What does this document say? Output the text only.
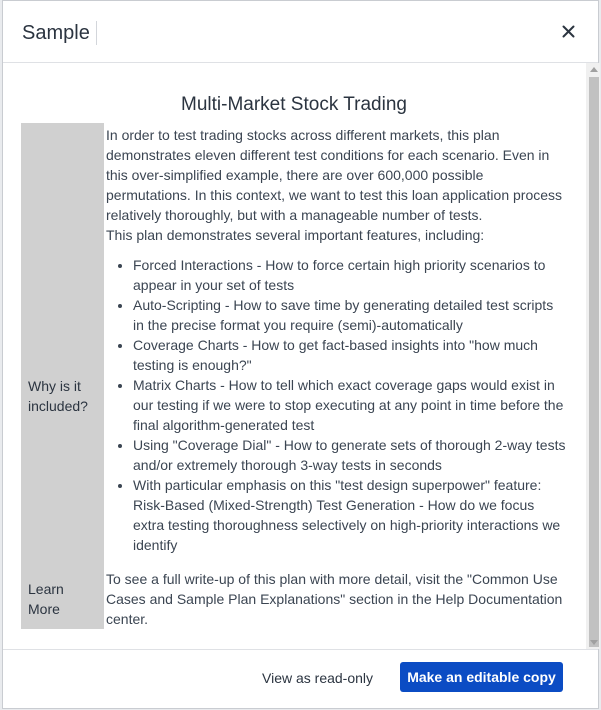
Sample
Multi-Market Stock Trading
Why is it included?
Learn More

In order to test trading stocks across different markets, this plan demonstrates eleven different test conditions for each scenario. Even in this over-simplified example, there are over 600,000 possible permutations. In this context, we want to test this loan application process relatively thoroughly, but with a manageable number of tests.

This plan demonstrates several important features, including:

• Forced Interactions - How to force certain high priority scenarios to appear in your set of tests
• Auto-Scripting - How to save time by generating detailed test scripts in the precise format you require (semi)-automatically
• Coverage Charts - How to get fact-based insights into "how much testing is enough?"
• Matrix Charts - How to tell which exact coverage gaps would exist in our testing if we were to stop executing at any point in time before the final algorithm-generated test
• Using "Coverage Dial" - How to generate sets of thorough 2-way tests and/or extremely thorough 3-way tests in seconds
• With particular emphasis on this "test design superpower" feature: Risk-Based (Mixed-Strength) Test Generation - How do we focus extra testing thoroughness selectively on high-priority interactions we identify

To see a full write-up of this plan with more detail, visit the "Common Use Cases and Sample Plan Explanations" section in the Help Documentation center.

View as read-only	Make an editable copy
